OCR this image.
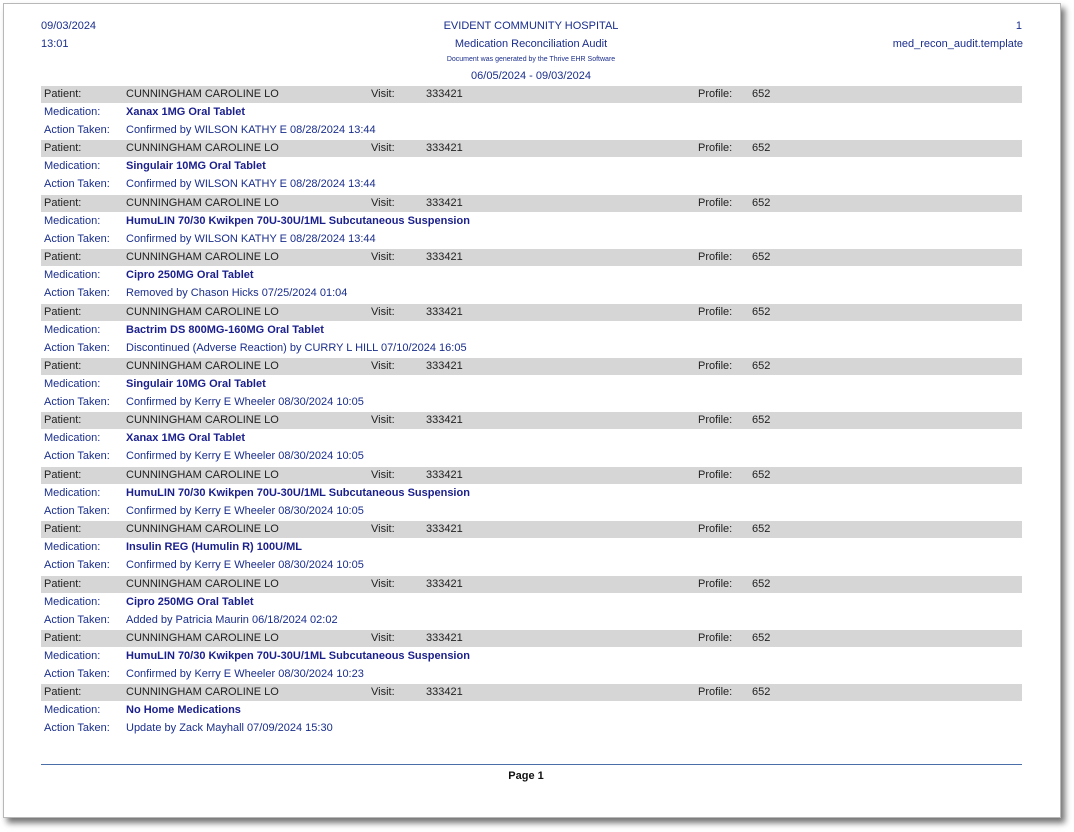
09/03/2024
13:01
EVIDENT COMMUNITY HOSPITAL
Medication Reconciliation Audit
Document was generated by the Thrive EHR Software
06/05/2024 - 09/03/2024
1
med_recon_audit.template
Patient:	CUNNINGHAM CAROLINE LO	Visit:	333421	Profile: 652
Medication: Xanax 1MG Oral Tablet
Action Taken: Confirmed by WILSON KATHY E 08/28/2024 13:44
Patient:	CUNNINGHAM CAROLINE LO	Visit:	333421	Profile: 652
Medication: Singulair 10MG Oral Tablet
Action Taken: Confirmed by WILSON KATHY E 08/28/2024 13:44
Patient:	CUNNINGHAM CAROLINE LO	Visit:	333421	Profile: 652
Medication: HumuLIN 70/30 Kwikpen 70U-30U/1ML Subcutaneous Suspension
Action Taken: Confirmed by WILSON KATHY E 08/28/2024 13:44
Patient:	CUNNINGHAM CAROLINE LO	Visit:	333421	Profile: 652
Medication: Cipro 250MG Oral Tablet
Action Taken: Removed by Chason Hicks 07/25/2024 01:04
Patient:	CUNNINGHAM CAROLINE LO	Visit:	333421	Profile: 652
Medication: Bactrim DS 800MG-160MG Oral Tablet
Action Taken: Discontinued (Adverse Reaction) by CURRY L HILL 07/10/2024 16:05
Patient:	CUNNINGHAM CAROLINE LO	Visit:	333421	Profile: 652
Medication: Singulair 10MG Oral Tablet
Action Taken: Confirmed by Kerry E Wheeler 08/30/2024 10:05
Patient:	CUNNINGHAM CAROLINE LO	Visit:	333421	Profile: 652
Medication: Xanax 1MG Oral Tablet
Action Taken: Confirmed by Kerry E Wheeler 08/30/2024 10:05
Patient:	CUNNINGHAM CAROLINE LO	Visit:	333421	Profile: 652
Medication: HumuLIN 70/30 Kwikpen 70U-30U/1ML Subcutaneous Suspension
Action Taken: Confirmed by Kerry E Wheeler 08/30/2024 10:05
Patient:	CUNNINGHAM CAROLINE LO	Visit:	333421	Profile: 652
Medication: Insulin REG (Humulin R) 100U/ML
Action Taken: Confirmed by Kerry E Wheeler 08/30/2024 10:05
Patient:	CUNNINGHAM CAROLINE LO	Visit:	333421	Profile: 652
Medication: Cipro 250MG Oral Tablet
Action Taken: Added by Patricia Maurin 06/18/2024 02:02
Patient:	CUNNINGHAM CAROLINE LO	Visit:	333421	Profile: 652
Medication: HumuLIN 70/30 Kwikpen 70U-30U/1ML Subcutaneous Suspension
Action Taken: Confirmed by Kerry E Wheeler 08/30/2024 10:23
Patient:	CUNNINGHAM CAROLINE LO	Visit:	333421	Profile: 652
Medication: No Home Medications
Action Taken: Update by Zack Mayhall 07/09/2024 15:30
Page 1
